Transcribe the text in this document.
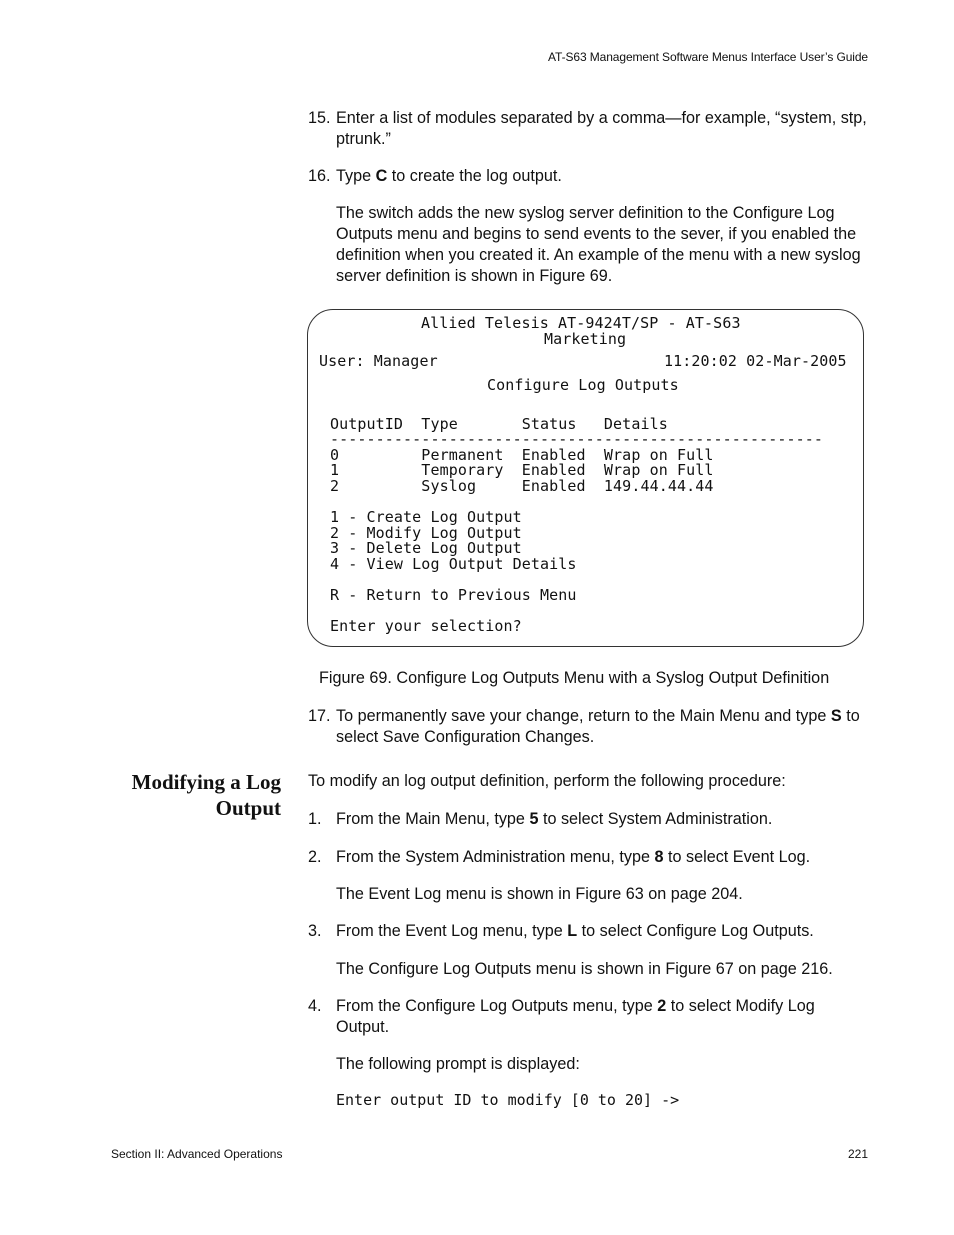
AT-S63 Management Software Menus Interface User’s Guide
15. Enter a list of modules separated by a comma—for example, “system, stp, ptrunk.”
16. Type C to create the log output.
The switch adds the new syslog server definition to the Configure Log Outputs menu and begins to send events to the sever, if you enabled the definition when you created it. An example of the menu with a new syslog server definition is shown in Figure 69.
Allied Telesis AT-9424T/SP - AT-S63
Marketing
User: Manager	11:20:02 02-Mar-2005
Configure Log Outputs
OutputID  Type       Status   Details
------------------------------------------------------
0         Permanent  Enabled  Wrap on Full
1         Temporary  Enabled  Wrap on Full
2         Syslog     Enabled  149.44.44.44
1 - Create Log Output
2 - Modify Log Output
3 - Delete Log Output
4 - View Log Output Details
R - Return to Previous Menu
Enter your selection?
Figure 69. Configure Log Outputs Menu with a Syslog Output Definition
17. To permanently save your change, return to the Main Menu and type S to select Save Configuration Changes.
Modifying a Log
Output
To modify an log output definition, perform the following procedure:
1. From the Main Menu, type 5 to select System Administration.
2. From the System Administration menu, type 8 to select Event Log.
The Event Log menu is shown in Figure 63 on page 204.
3. From the Event Log menu, type L to select Configure Log Outputs.
The Configure Log Outputs menu is shown in Figure 67 on page 216.
4. From the Configure Log Outputs menu, type 2 to select Modify Log Output.
The following prompt is displayed:
Enter output ID to modify [0 to 20] ->
Section II: Advanced Operations	221
